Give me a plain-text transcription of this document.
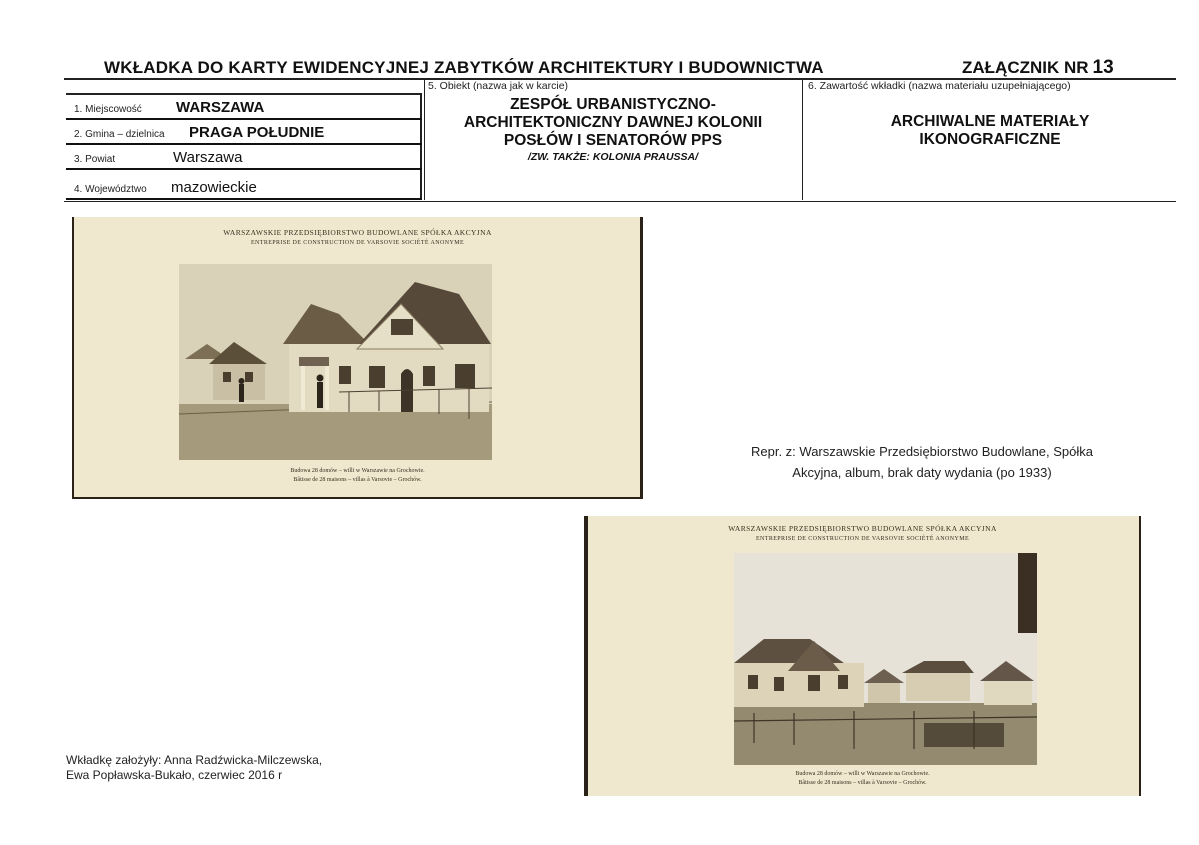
WKŁADKA DO KARTY EWIDENCYJNEJ ZABYTKÓW ARCHITEKTURY I BUDOWNICTWA	ZAŁĄCZNIK NR 13
1. Miejscowość WARSZAWA
2. Gmina – dzielnica PRAGA POŁUDNIE
3. Powiat	Warszawa
4. Województwo mazowieckie
5. Obiekt (nazwa jak w karcie)
ZESPÓŁ URBANISTYCZNO-
ARCHITEKTONICZNY DAWNEJ KOLONII
POSŁÓW I SENATORÓW PPS
/ZW. TAKŻE: KOLONIA PRAUSSA/
6. Zawartość wkładki (nazwa materiału uzupełniającego)
ARCHIWALNE MATERIAŁY
IKONOGRAFICZNE
WARSZAWSKIE PRZEDSIĘBIORSTWO BUDOWLANE SPÓŁKA AKCYJNA
ENTREPRISE DE CONSTRUCTION DE VARSOVIE SOCIÉTÉ ANONYME
Budowa 28 domów – willi w Warszawie na Grochowie.
Bâtisse de 28 maisons – villas à Varsovie – Grochów.
Repr. z: Warszawskie Przedsiębiorstwo Budowlane, Spółka
Akcyjna, album, brak daty wydania (po 1933)
WARSZAWSKIE PRZEDSIĘBIORSTWO BUDOWLANE SPÓŁKA AKCYJNA
ENTREPRISE DE CONSTRUCTION DE VARSOVIE SOCIÉTÉ ANONYME
Budowa 28 domów – willi w Warszawie na Grochowie.
Bâtisse de 28 maisons – villas à Varsovie – Grochów.
Wkładkę założyły: Anna Radźwicka-Milczewska,
Ewa Popławska-Bukało, czerwiec 2016 r
